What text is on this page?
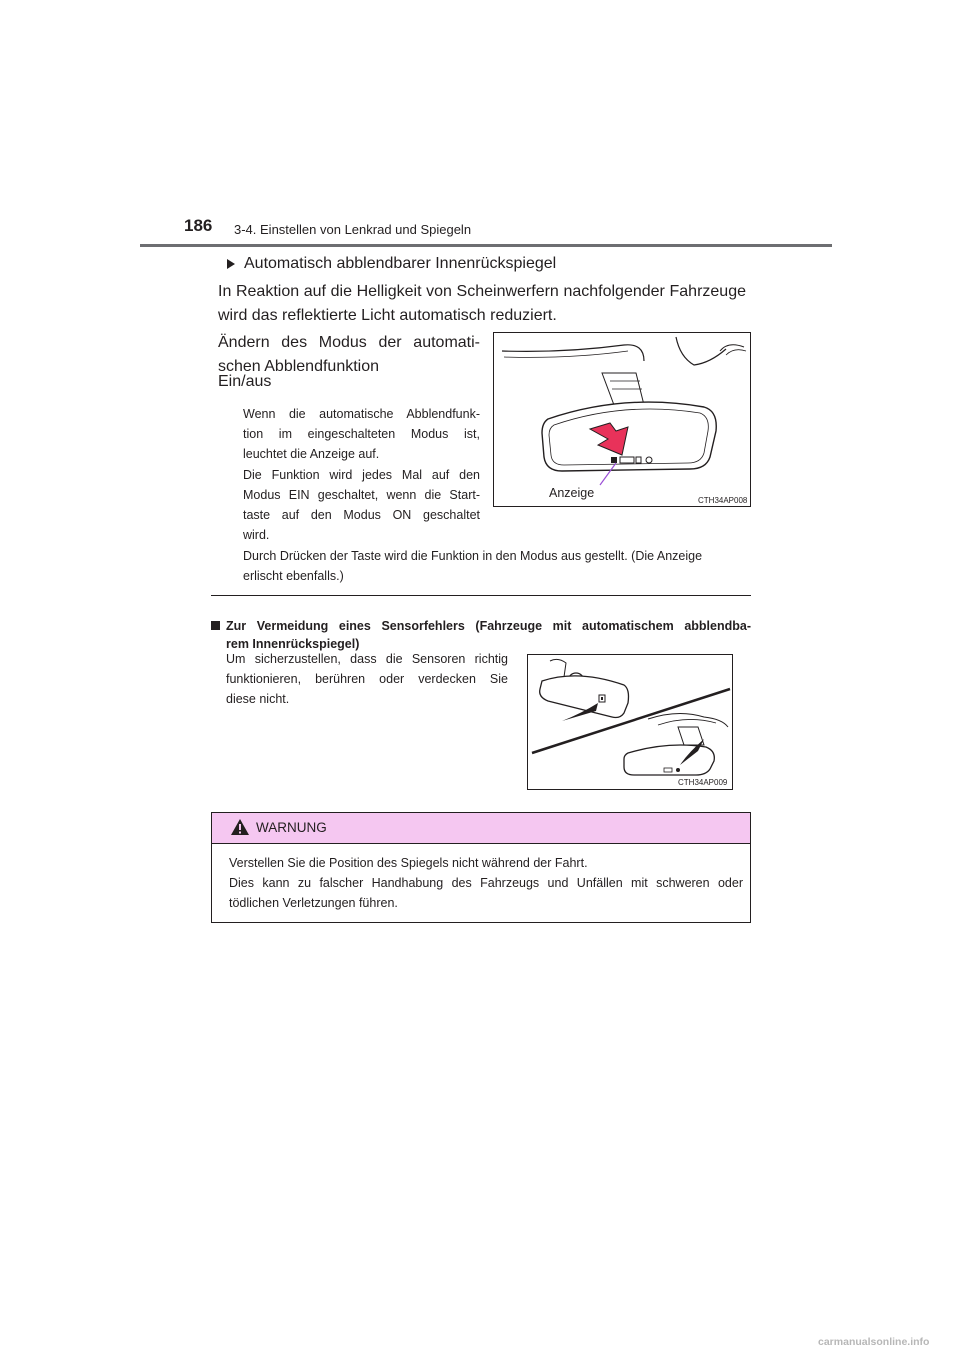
186 3-4. Einstellen von Lenkrad und Spiegeln
Automatisch abblendbarer Innenrückspiegel
In Reaktion auf die Helligkeit von Scheinwerfern nachfolgender Fahrzeuge
wird das reflektierte Licht automatisch reduziert.
Ändern des Modus der automati-
schen Abblendfunktion
Ein/aus
Wenn die automatische Abblendfunk-
tion im eingeschalteten Modus ist,
leuchtet die Anzeige auf.
Die Funktion wird jedes Mal auf den
Modus EIN geschaltet, wenn die Start-
taste auf den Modus ON geschaltet
wird.
Durch Drücken der Taste wird die Funktion in den Modus aus gestellt. (Die Anzeige
erlischt ebenfalls.)
Anzeige
CTH34AP008
Zur Vermeidung eines Sensorfehlers (Fahrzeuge mit automatischem abblendba-
rem Innenrückspiegel)
Um sicherzustellen, dass die Sensoren richtig
funktionieren, berühren oder verdecken Sie
diese nicht.
CTH34AP009
WARNUNG
Verstellen Sie die Position des Spiegels nicht während der Fahrt.
Dies kann zu falscher Handhabung des Fahrzeugs und Unfällen mit schweren oder
tödlichen Verletzungen führen.
carmanualsonline.info
